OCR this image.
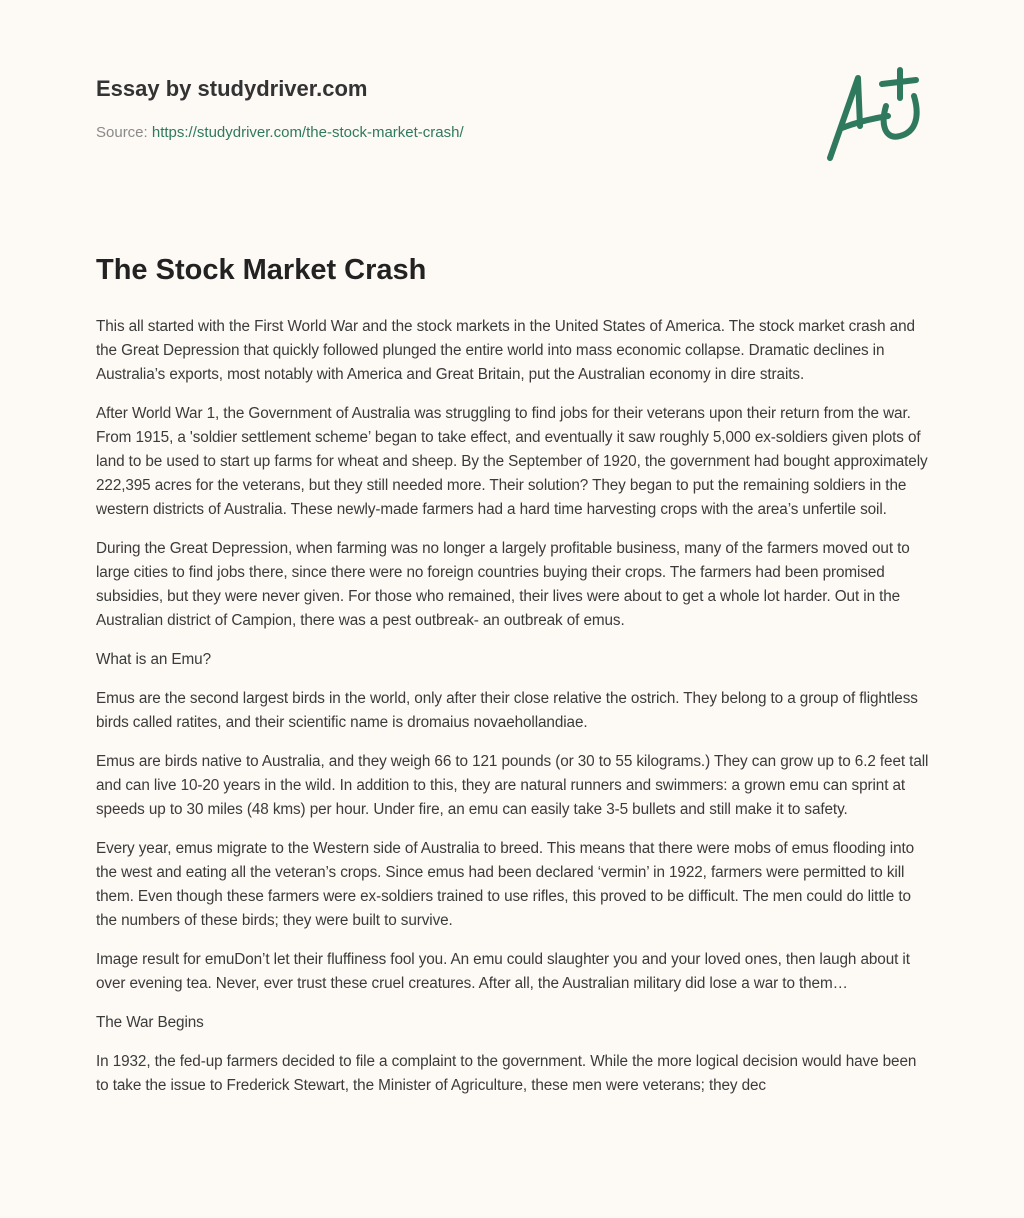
Essay by studydriver.com

Source: https://studydriver.com/the-stock-market-crash/
The Stock Market Crash

This all started with the First World War and the stock markets in the United States of America. The stock market crash and the Great Depression that quickly followed plunged the entire world into mass economic collapse. Dramatic declines in Australia’s exports, most notably with America and Great Britain, put the Australian economy in dire straits.

After World War 1, the Government of Australia was struggling to find jobs for their veterans upon their return from the war. From 1915, a 'soldier settlement scheme’ began to take effect, and eventually it saw roughly 5,000 ex-soldiers given plots of land to be used to start up farms for wheat and sheep. By the September of 1920, the government had bought approximately 222,395 acres for the veterans, but they still needed more. Their solution? They began to put the remaining soldiers in the western districts of Australia. These newly-made farmers had a hard time harvesting crops with the area’s unfertile soil.

During the Great Depression, when farming was no longer a largely profitable business, many of the farmers moved out to large cities to find jobs there, since there were no foreign countries buying their crops. The farmers had been promised subsidies, but they were never given. For those who remained, their lives were about to get a whole lot harder. Out in the Australian district of Campion, there was a pest outbreak- an outbreak of emus.

What is an Emu?

Emus are the second largest birds in the world, only after their close relative the ostrich. They belong to a group of flightless birds called ratites, and their scientific name is dromaius novaehollandiae.

Emus are birds native to Australia, and they weigh 66 to 121 pounds (or 30 to 55 kilograms.) They can grow up to 6.2 feet tall and can live 10-20 years in the wild. In addition to this, they are natural runners and swimmers: a grown emu can sprint at speeds up to 30 miles (48 kms) per hour. Under fire, an emu can easily take 3-5 bullets and still make it to safety.

Every year, emus migrate to the Western side of Australia to breed. This means that there were mobs of emus flooding into the west and eating all the veteran’s crops. Since emus had been declared ‘vermin’ in 1922, farmers were permitted to kill them. Even though these farmers were ex-soldiers trained to use rifles, this proved to be difficult. The men could do little to the numbers of these birds; they were built to survive.

Image result for emuDon’t let their fluffiness fool you. An emu could slaughter you and your loved ones, then laugh about it over evening tea. Never, ever trust these cruel creatures. After all, the Australian military did lose a war to them…

The War Begins

In 1932, the fed-up farmers decided to file a complaint to the government. While the more logical decision would have been to take the issue to Frederick Stewart, the Minister of Agriculture, these men were veterans; they dec
